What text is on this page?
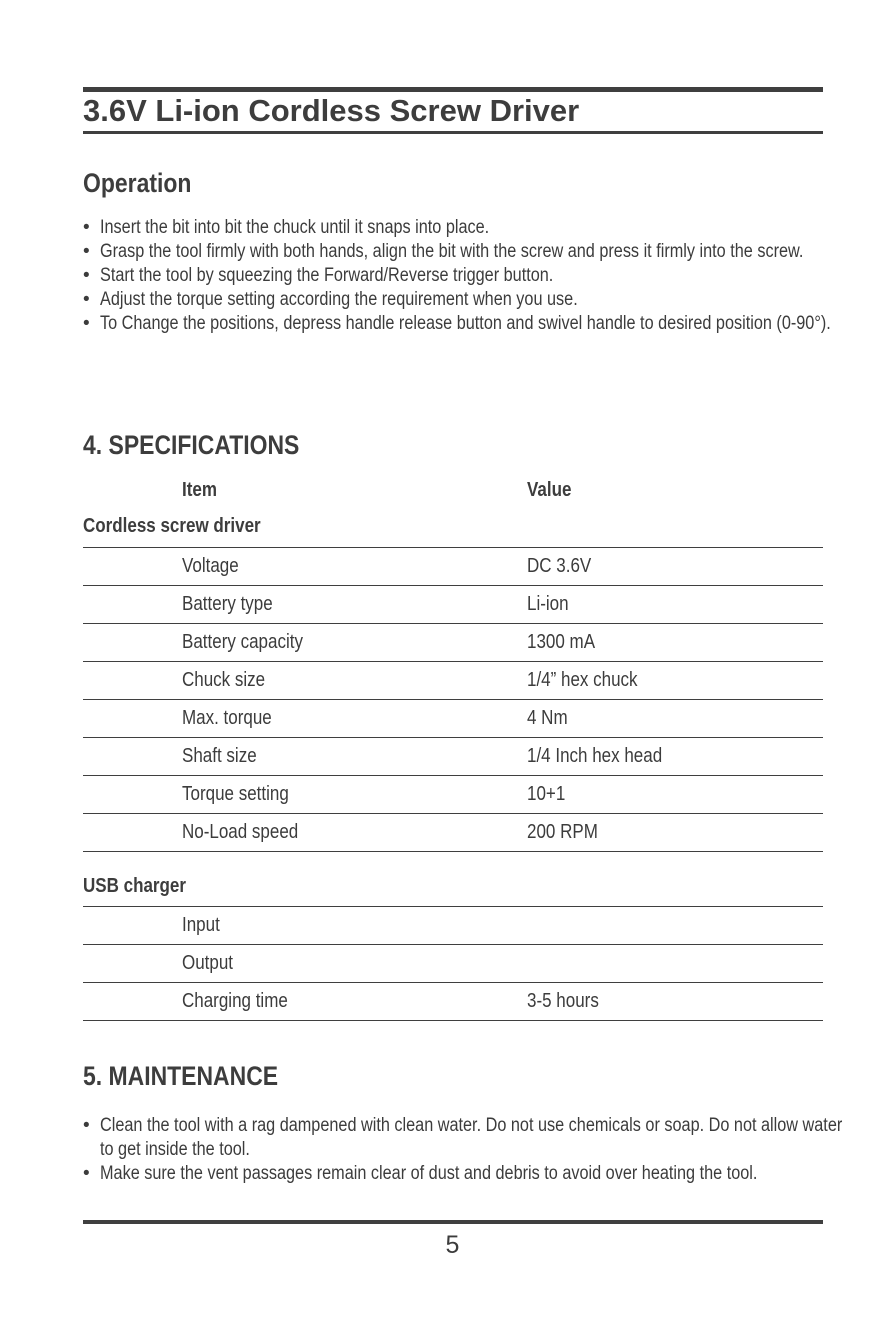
3.6V Li-ion Cordless Screw Driver
Operation
• Insert the bit into bit the chuck until it snaps into place.
• Grasp the tool firmly with both hands, align the bit with the screw and press it firmly into the screw.
• Start the tool by squeezing the Forward/Reverse trigger button.
• Adjust the torque setting according the requirement when you use.
• To Change the positions, depress handle release button and swivel handle to desired position (0-90°).
4. SPECIFICATIONS
Item	Value
Cordless screw driver
Voltage	DC 3.6V
Battery type	Li-ion
Battery capacity	1300 mA
Chuck size	1/4” hex chuck
Max. torque	4 Nm
Shaft size	1/4 Inch hex head
Torque setting	10+1
No-Load speed	200 RPM
USB charger
Input
Output
Charging time	3-5 hours
5. MAINTENANCE
• Clean the tool with a rag dampened with clean water. Do not use chemicals or soap. Do not allow water to get inside the tool.
• Make sure the vent passages remain clear of dust and debris to avoid over heating the tool.
5
